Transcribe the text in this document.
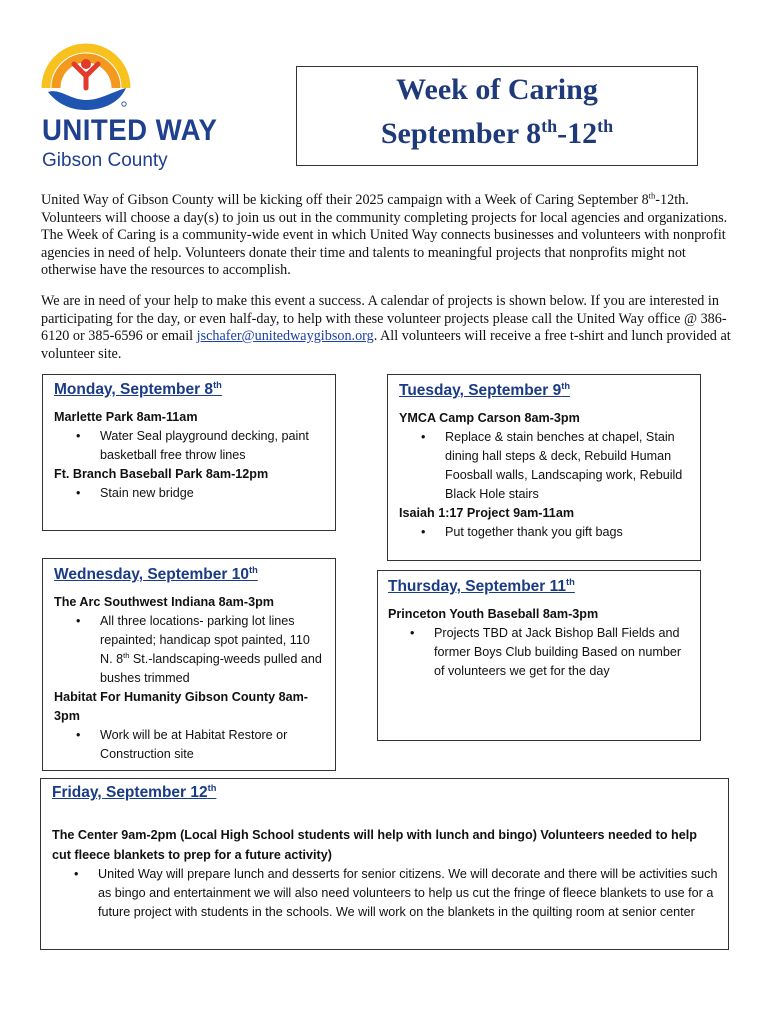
UNITED WAY
Gibson County
Week of Caring
September 8th-12th
United Way of Gibson County will be kicking off their 2025 campaign with a Week of Caring September 8th-12th. Volunteers will choose a day(s) to join us out in the community completing projects for local agencies and organizations. The Week of Caring is a community-wide event in which United Way connects businesses and volunteers with nonprofit agencies in need of help. Volunteers donate their time and talents to meaningful projects that nonprofits might not otherwise have the resources to accomplish.
We are in need of your help to make this event a success. A calendar of projects is shown below. If you are interested in participating for the day, or even half-day, to help with these volunteer projects please call the United Way office @ 386-6120 or 385-6596 or email jschafer@unitedwaygibson.org. All volunteers will receive a free t-shirt and lunch provided at volunteer site.
Monday, September 8th
Marlette Park 8am-11am
• Water Seal playground decking, paint basketball free throw lines
Ft. Branch Baseball Park 8am-12pm
• Stain new bridge
Tuesday, September 9th
YMCA Camp Carson 8am-3pm
• Replace & stain benches at chapel, Stain dining hall steps & deck, Rebuild Human Foosball walls, Landscaping work, Rebuild Black Hole stairs
Isaiah 1:17 Project 9am-11am
• Put together thank you gift bags
Wednesday, September 10th
The Arc Southwest Indiana 8am-3pm
• All three locations- parking lot lines repainted; handicap spot painted, 110 N. 8th St.-landscaping-weeds pulled and bushes trimmed
Habitat For Humanity Gibson County 8am-3pm
• Work will be at Habitat Restore or Construction site
Thursday, September 11th
Princeton Youth Baseball 8am-3pm
• Projects TBD at Jack Bishop Ball Fields and former Boys Club building Based on number of volunteers we get for the day
Friday, September 12th
The Center 9am-2pm (Local High School students will help with lunch and bingo) Volunteers needed to help cut fleece blankets to prep for a future activity)
• United Way will prepare lunch and desserts for senior citizens. We will decorate and there will be activities such as bingo and entertainment we will also need volunteers to help us cut the fringe of fleece blankets to use for a future project with students in the schools. We will work on the blankets in the quilting room at senior center
